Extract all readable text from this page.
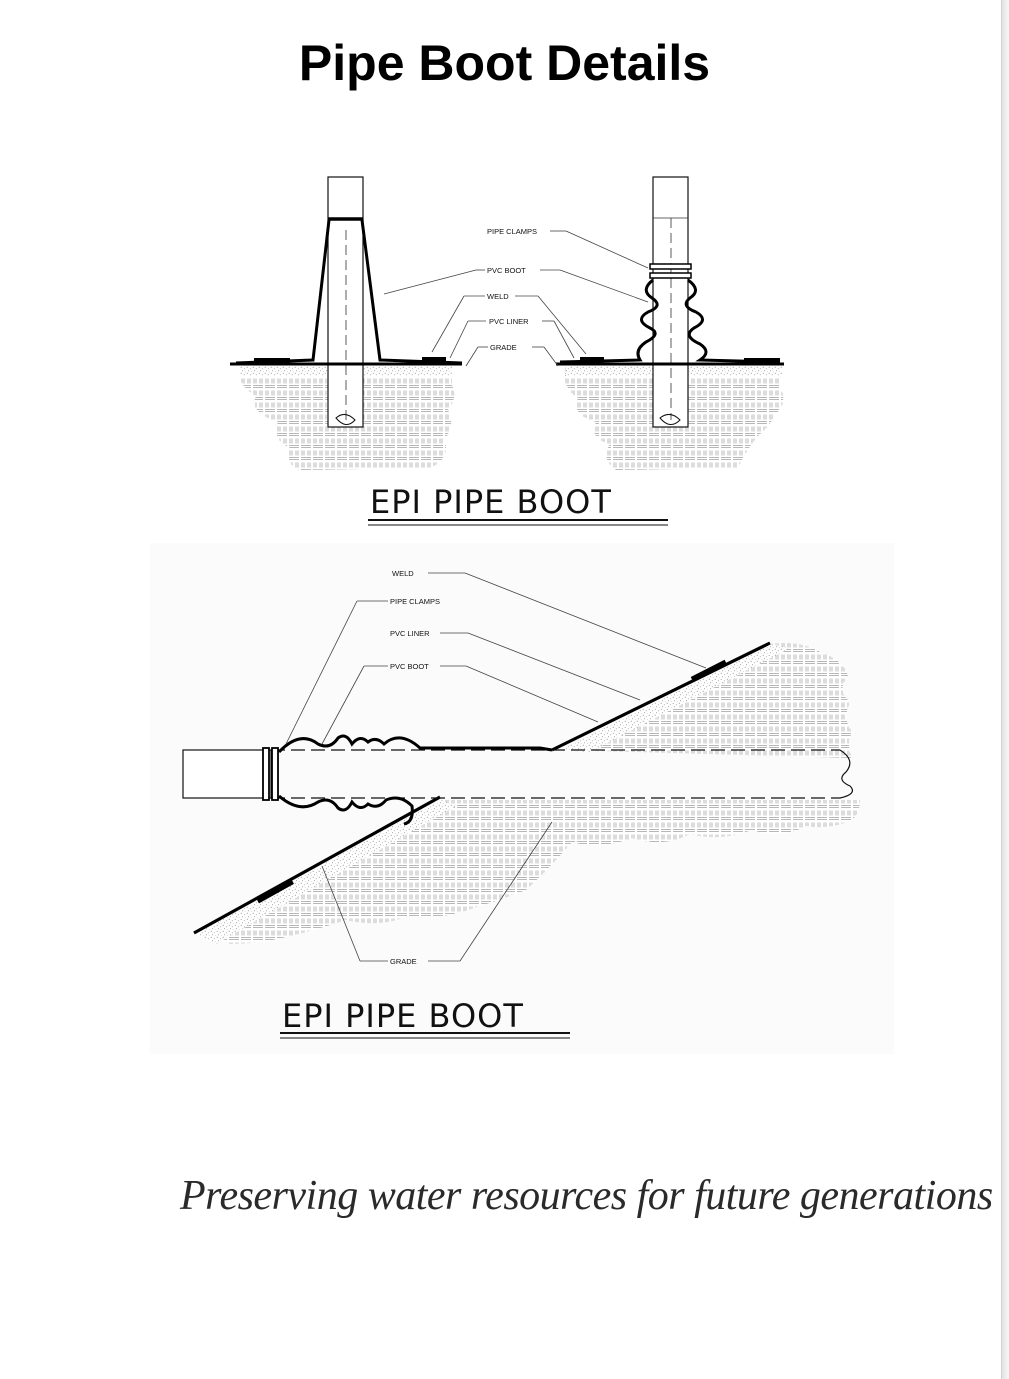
Pipe Boot Details
PIPE CLAMPS
PVC BOOT
WELD
PVC LINER
GRADE
EPI PIPE BOOT
WELD
PIPE CLAMPS
PVC LINER
PVC BOOT
GRADE
EPI PIPE BOOT
Preserving water resources for future generations
